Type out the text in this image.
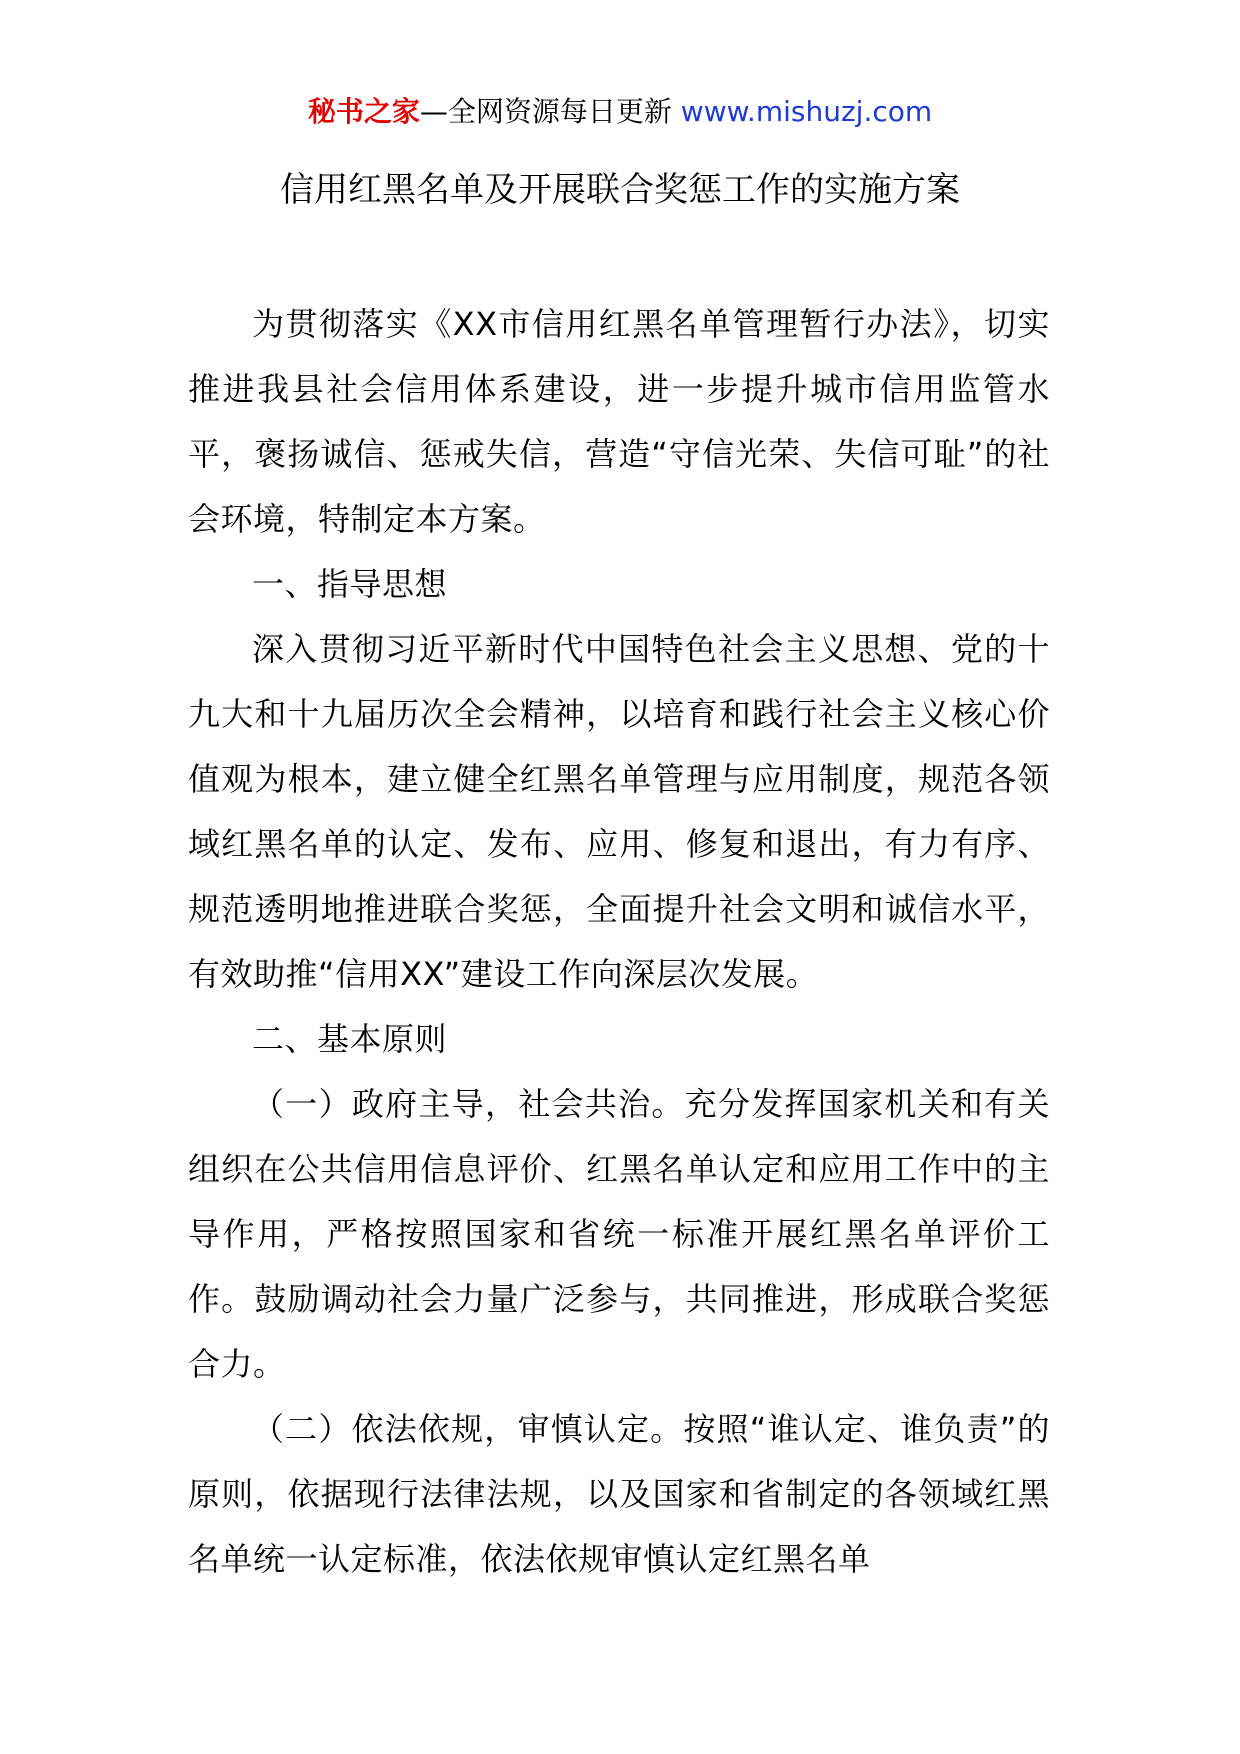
秘书之家—全网资源每日更新 www.mishuzj.com
信用红黑名单及开展联合奖惩工作的实施方案

为贯彻落实《XX市信用红黑名单管理暂行办法》，切实推进我县社会信用体系建设，进一步提升城市信用监管水平，褒扬诚信、惩戒失信，营造“守信光荣、失信可耻”的社会环境，特制定本方案。

一、指导思想

深入贯彻习近平新时代中国特色社会主义思想、党的十九大和十九届历次全会精神，以培育和践行社会主义核心价值观为根本，建立健全红黑名单管理与应用制度，规范各领域红黑名单的认定、发布、应用、修复和退出，有力有序、规范透明地推进联合奖惩，全面提升社会文明和诚信水平，有效助推“信用XX”建设工作向深层次发展。

二、基本原则

（一）政府主导，社会共治。充分发挥国家机关和有关组织在公共信用信息评价、红黑名单认定和应用工作中的主导作用，严格按照国家和省统一标准开展红黑名单评价工作。鼓励调动社会力量广泛参与，共同推进，形成联合奖惩合力。

（二）依法依规，审慎认定。按照“谁认定、谁负责”的原则，依据现行法律法规，以及国家和省制定的各领域红黑名单统一认定标准，依法依规审慎认定红黑名单
